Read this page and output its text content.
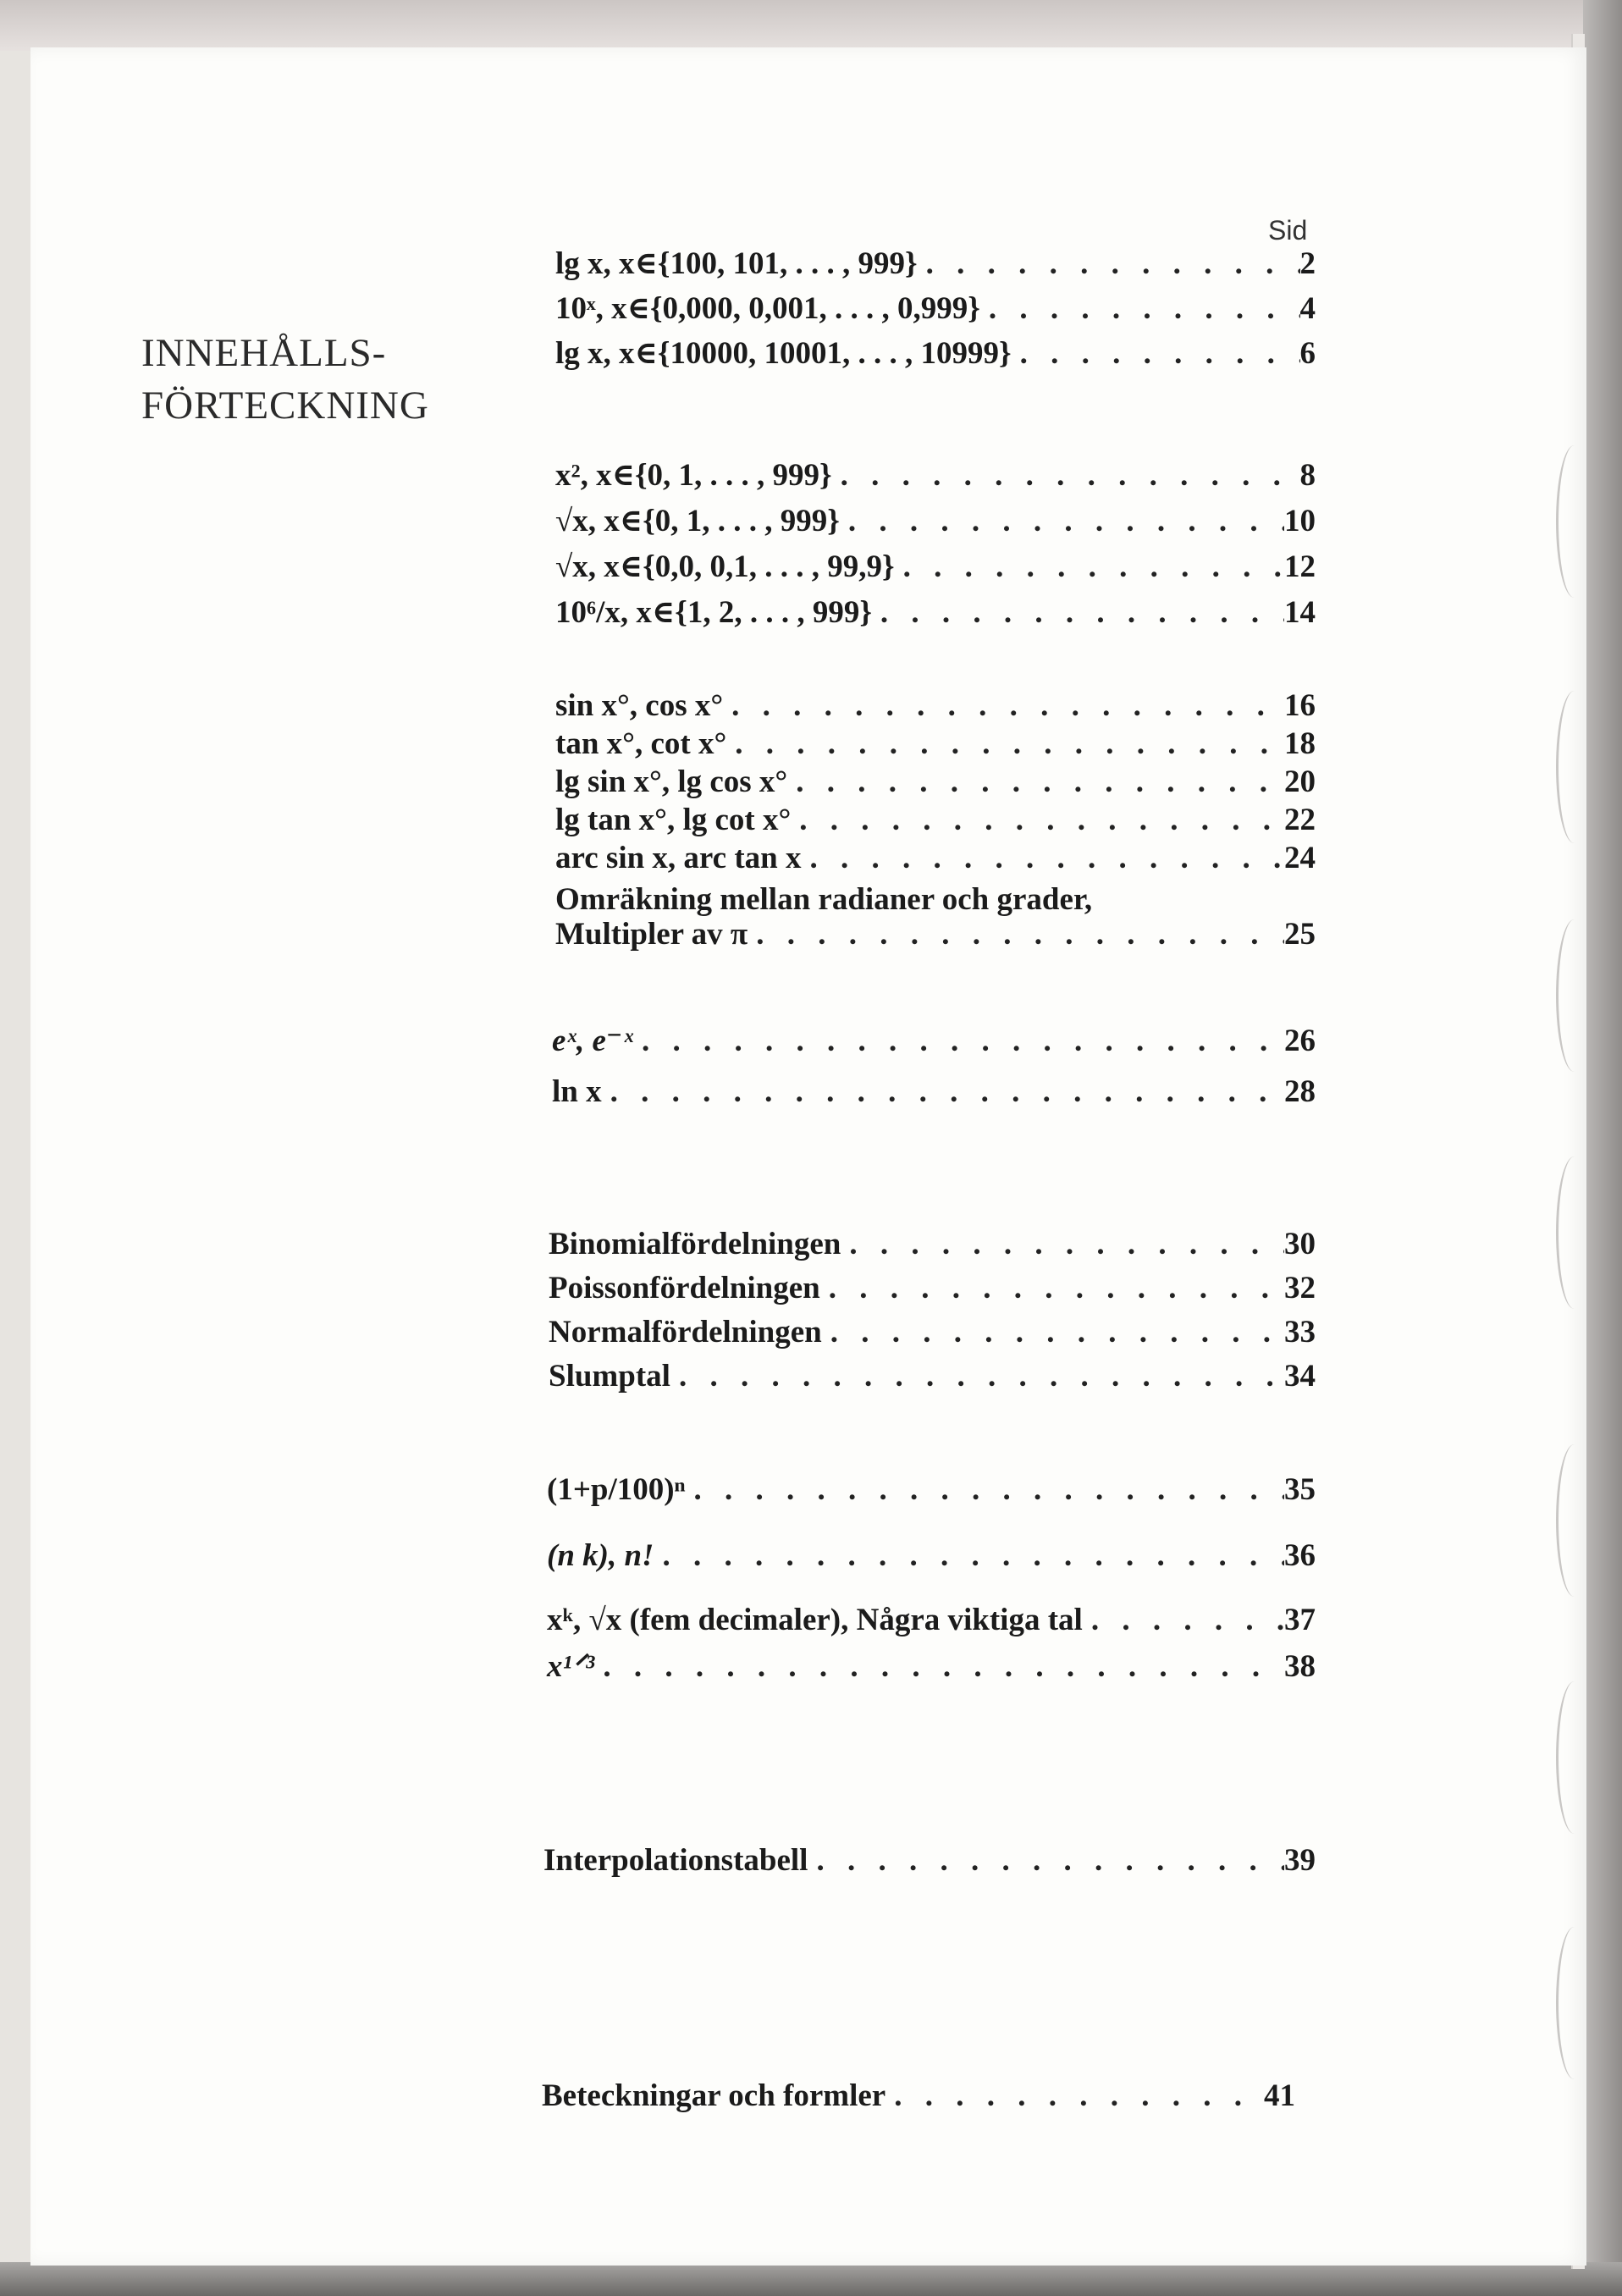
INNEHÅLLS-
FÖRTECKNING
Sid
lg x, x∈{100, 101, . . . , 999} . . .	2
10ˣ, x∈{0,000, 0,001, . . . , 0,999} . . .	4
lg x, x∈{10000, 10001, . . . , 10999} . . .	6
x², x∈{0, 1, . . . , 999} . . .	8
√x, x∈{0, 1, . . . , 999} . . .	10
√x, x∈{0,0, 0,1, . . . , 99,9} . . .	12
10⁶/x, x∈{1, 2, . . . , 999} . . .	14
sin x°, cos x° . . .	16
tan x°, cot x° . . .	18
lg sin x°, lg cos x° . . .	20
lg tan x°, lg cot x° . . .	22
arc sin x, arc tan x . . .	24
Omräkning mellan radianer och grader,
Multipler av π . . .	25
eˣ, e⁻ˣ . . .	26
ln x . . .	28
Binomialfördelningen . . .	30
Poissonfördelningen . . .	32
Normalfördelningen . . .	33
Slumptal . . .	34
(1+p/100)ⁿ . . .	35
(n k), n! . . .	36
xᵏ, √x (fem decimaler), Några viktiga tal . . .	37
x¹ᐟ³ . . .	38
Interpolationstabell . . .	39
Beteckningar och formler . . .	41
